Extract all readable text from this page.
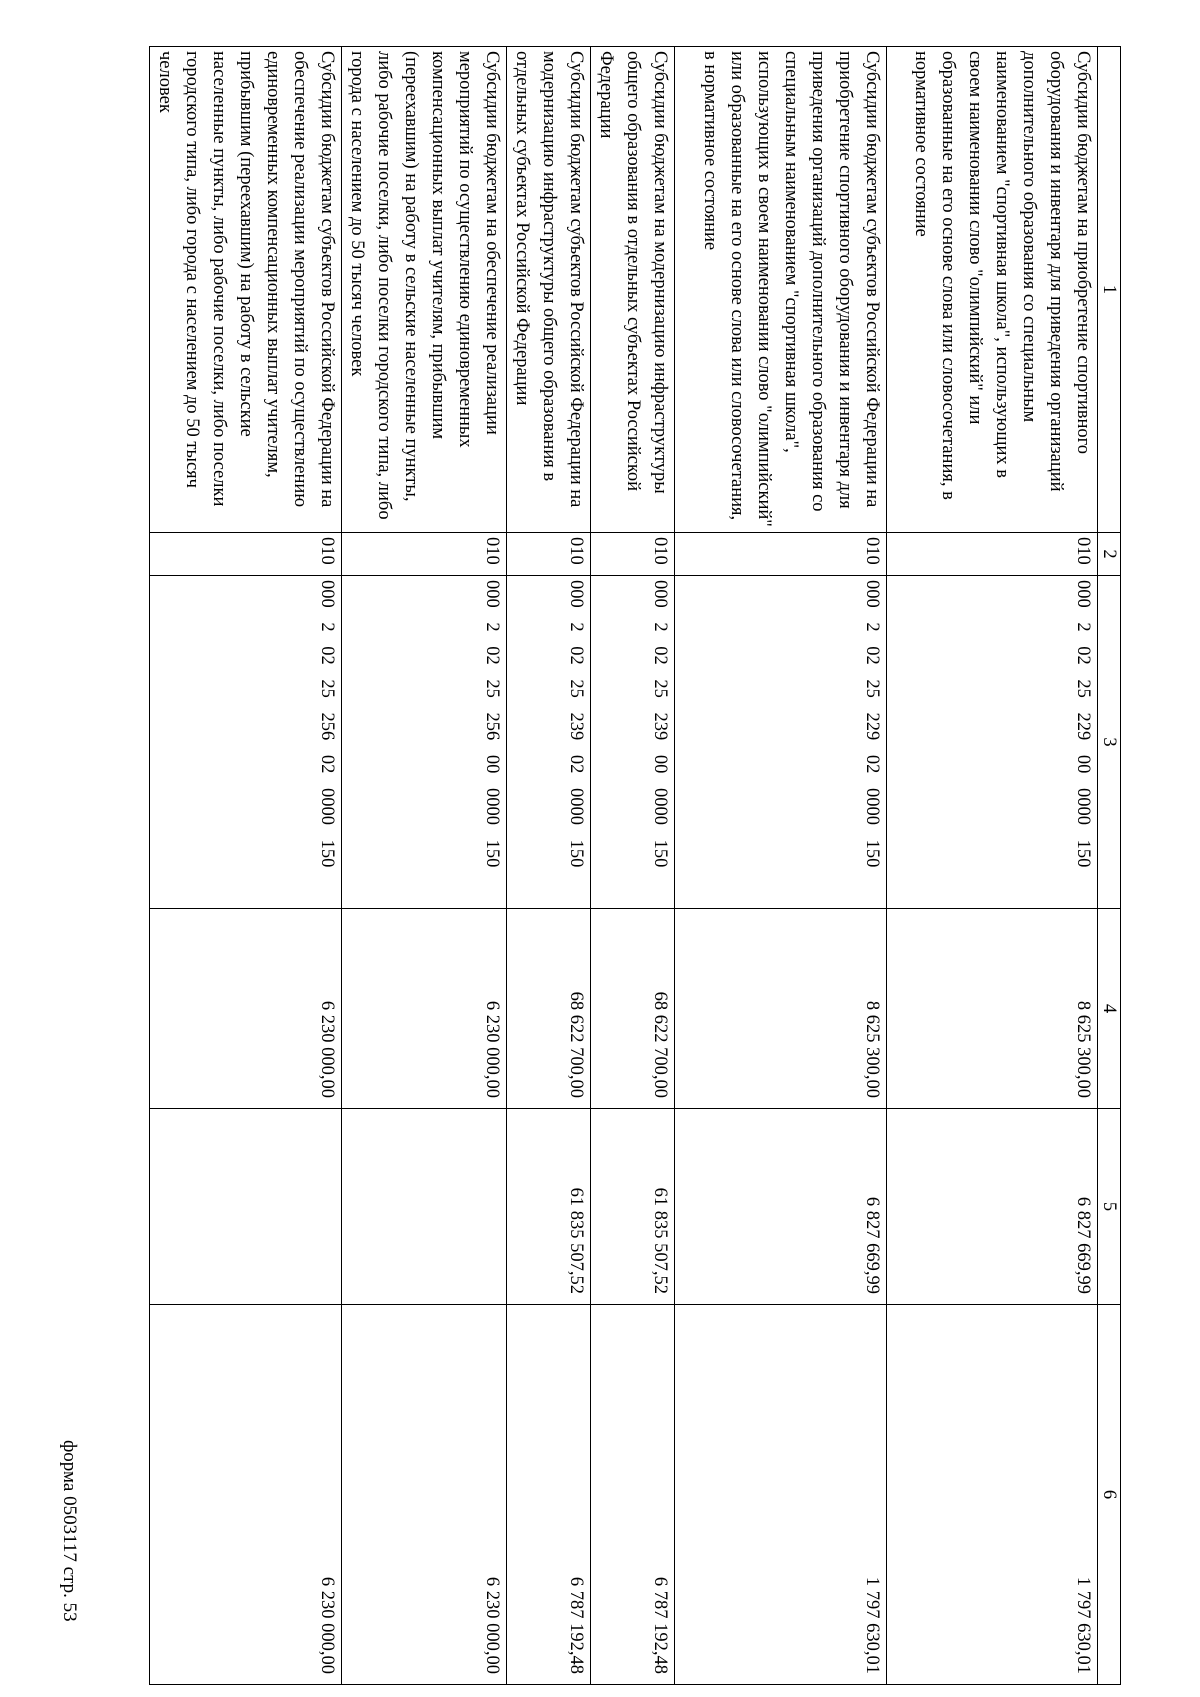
форма 0503117 стр. 53
1	2	3	4	5	6
Субсидии бюджетам на приобретение спортивного оборудования и инвентаря для приведения организаций дополнительного образования со специальным наименованием "спортивная школа", использующих в своем наименовании слово "олимпийский" или образованные на его основе слова или словосочетания, в нормативное состояние	010	000 2 02 25 229 00 0000 150	8 625 300,00	6 827 669,99	1 797 630,01
Субсидии бюджетам субъектов Российской Федерации на приобретение спортивного оборудования и инвентаря для приведения организаций дополнительного образования со специальным наименованием "спортивная школа", использующих в своем наименовании слово "олимпийский" или образованные на его основе слова или словосочетания, в нормативное состояние	010	000 2 02 25 229 02 0000 150	8 625 300,00	6 827 669,99	1 797 630,01
Субсидии бюджетам на модернизацию инфраструктуры общего образования в отдельных субъектах Российской Федерации	010	000 2 02 25 239 00 0000 150	68 622 700,00	61 835 507,52	6 787 192,48
Субсидии бюджетам субъектов Российской Федерации на модернизацию инфраструктуры общего образования в отдельных субъектах Российской Федерации	010	000 2 02 25 239 02 0000 150	68 622 700,00	61 835 507,52	6 787 192,48
Субсидии бюджетам на обеспечение реализации мероприятий по осуществлению единовременных компенсационных выплат учителям, прибывшим (переехавшим) на работу в сельские населенные пункты, либо рабочие поселки, либо поселки городского типа, либо города с населением до 50 тысяч человек	010	000 2 02 25 256 00 0000 150	6 230 000,00		6 230 000,00
Субсидии бюджетам субъектов Российской Федерации на обеспечение реализации мероприятий по осуществлению единовременных компенсационных выплат учителям, прибывшим (переехавшим) на работу в сельские населенные пункты, либо рабочие поселки, либо поселки городского типа, либо города с населением до 50 тысяч человек	010	000 2 02 25 256 02 0000 150	6 230 000,00		6 230 000,00
